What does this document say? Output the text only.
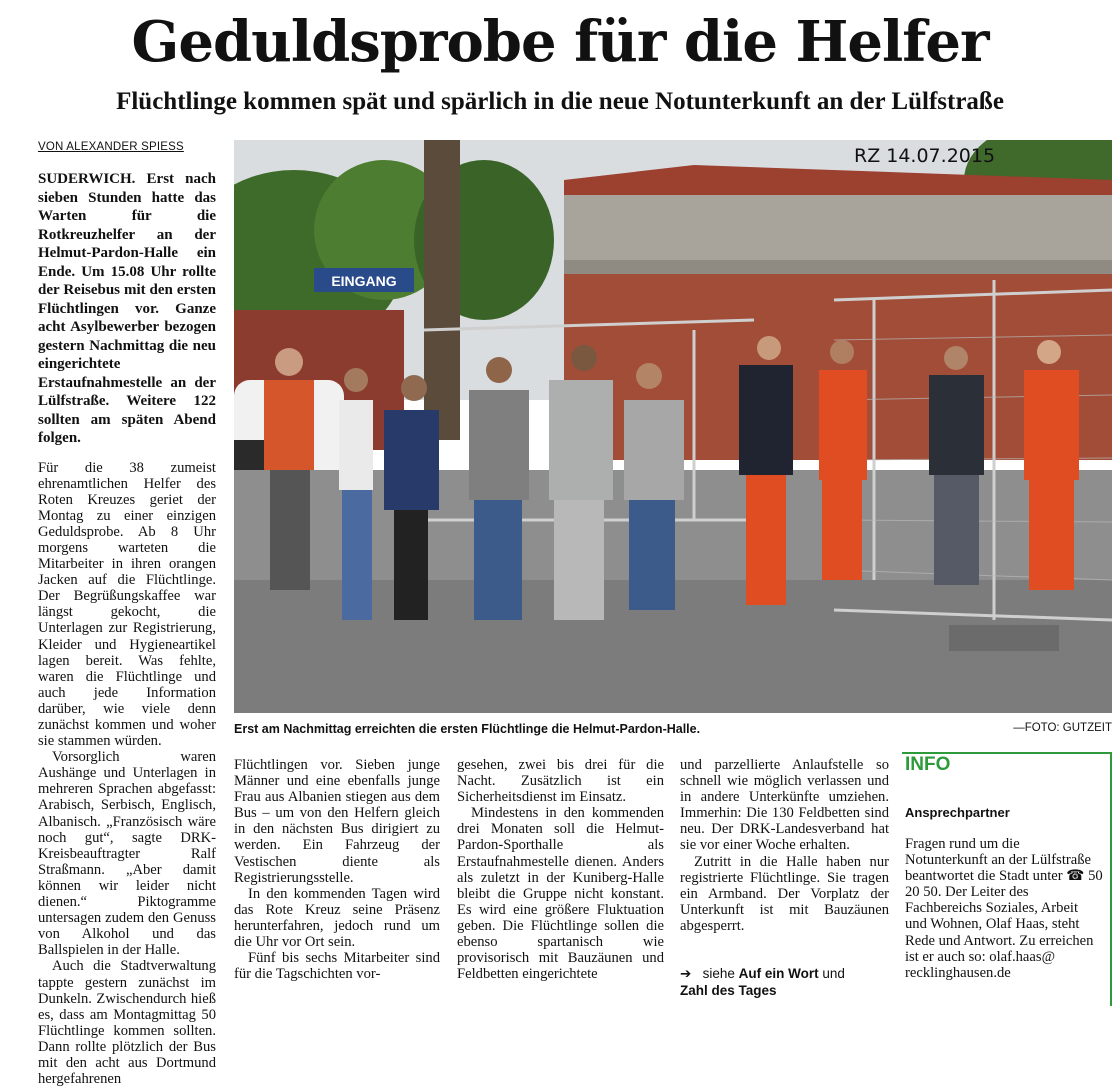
Geduldsprobe für die Helfer
Flüchtlinge kommen spät und spärlich in die neue Notunterkunft an der Lülfstraße
VON ALEXANDER SPIESS

SUDERWICH. Erst nach sieben Stunden hatte das Warten für die Rotkreuzhelfer an der Helmut-Pardon-Halle ein Ende. Um 15.08 Uhr rollte der Reisebus mit den ersten Flüchtlingen vor. Ganze acht Asylbewerber bezogen gestern Nachmittag die neu eingerichtete Erstaufnahmestelle an der Lülfstraße. Weitere 122 sollten am späten Abend folgen.

Für die 38 zumeist ehrenamtlichen Helfer des Roten Kreuzes geriet der Montag zu einer einzigen Geduldsprobe. Ab 8 Uhr morgens warteten die Mitarbeiter in ihren orangen Jacken auf die Flüchtlinge. Der Begrüßungskaffee war längst gekocht, die Unterlagen zur Registrierung, Kleider und Hygieneartikel lagen bereit. Was fehlte, waren die Flüchtlinge und auch jede Information darüber, wie viele denn zunächst kommen und woher sie stammen würden.

Vorsorglich waren Aushänge und Unterlagen in mehreren Sprachen abgefasst: Arabisch, Serbisch, Englisch, Albanisch. „Französisch wäre noch gut“, sagte DRK-Kreisbeauftragter Ralf Straßmann. „Aber damit können wir leider nicht dienen.“ Piktogramme untersagen zudem den Genuss von Alkohol und das Ballspielen in der Halle.

Auch die Stadtverwaltung tappte gestern zunächst im Dunkeln. Zwischendurch hieß es, dass am Montagmittag 50 Flüchtlinge kommen sollten. Dann rollte plötzlich der Bus mit den acht aus Dortmund hergefahrenen

EINGANG
RZ 14.07.2015
Erst am Nachmittag erreichten die ersten Flüchtlinge die Helmut-Pardon-Halle.	—FOTO: GUTZEIT

Flüchtlingen vor. Sieben junge Männer und eine ebenfalls junge Frau aus Albanien stiegen aus dem Bus – um von den Helfern gleich in den nächsten Bus dirigiert zu werden. Ein Fahrzeug der Vestischen diente als Registrierungsstelle.

In den kommenden Tagen wird das Rote Kreuz seine Präsenz herunterfahren, jedoch rund um die Uhr vor Ort sein.

Fünf bis sechs Mitarbeiter sind für die Tagschichten vor-

gesehen, zwei bis drei für die Nacht. Zusätzlich ist ein Sicherheitsdienst im Einsatz.

Mindestens in den kommenden drei Monaten soll die Helmut-Pardon-Sporthalle als Erstaufnahmestelle dienen. Anders als zuletzt in der Kuniberg-Halle bleibt die Gruppe nicht konstant. Es wird eine größere Fluktuation geben. Die Flüchtlinge sollen die ebenso spartanisch wie provisorisch mit Bauzäunen und Feldbetten eingerichtete

und parzellierte Anlaufstelle so schnell wie möglich verlassen und in andere Unterkünfte umziehen. Immerhin: Die 130 Feldbetten sind neu. Der DRK-Landesverband hat sie vor einer Woche erhalten.

Zutritt in die Halle haben nur registrierte Flüchtlinge. Sie tragen ein Armband. Der Vorplatz der Unterkunft ist mit Bauzäunen abgesperrt.

➔ siehe Auf ein Wort und
Zahl des Tages
INFO
Ansprechpartner
Fragen rund um die Notunterkunft an der Lülfstraße beantwortet die Stadt unter ☎ 50 20 50. Der Leiter des Fachbereichs Soziales, Arbeit und Wohnen, Olaf Haas, steht Rede und Antwort. Zu erreichen ist er auch so: olaf.haas@ recklinghausen.de
